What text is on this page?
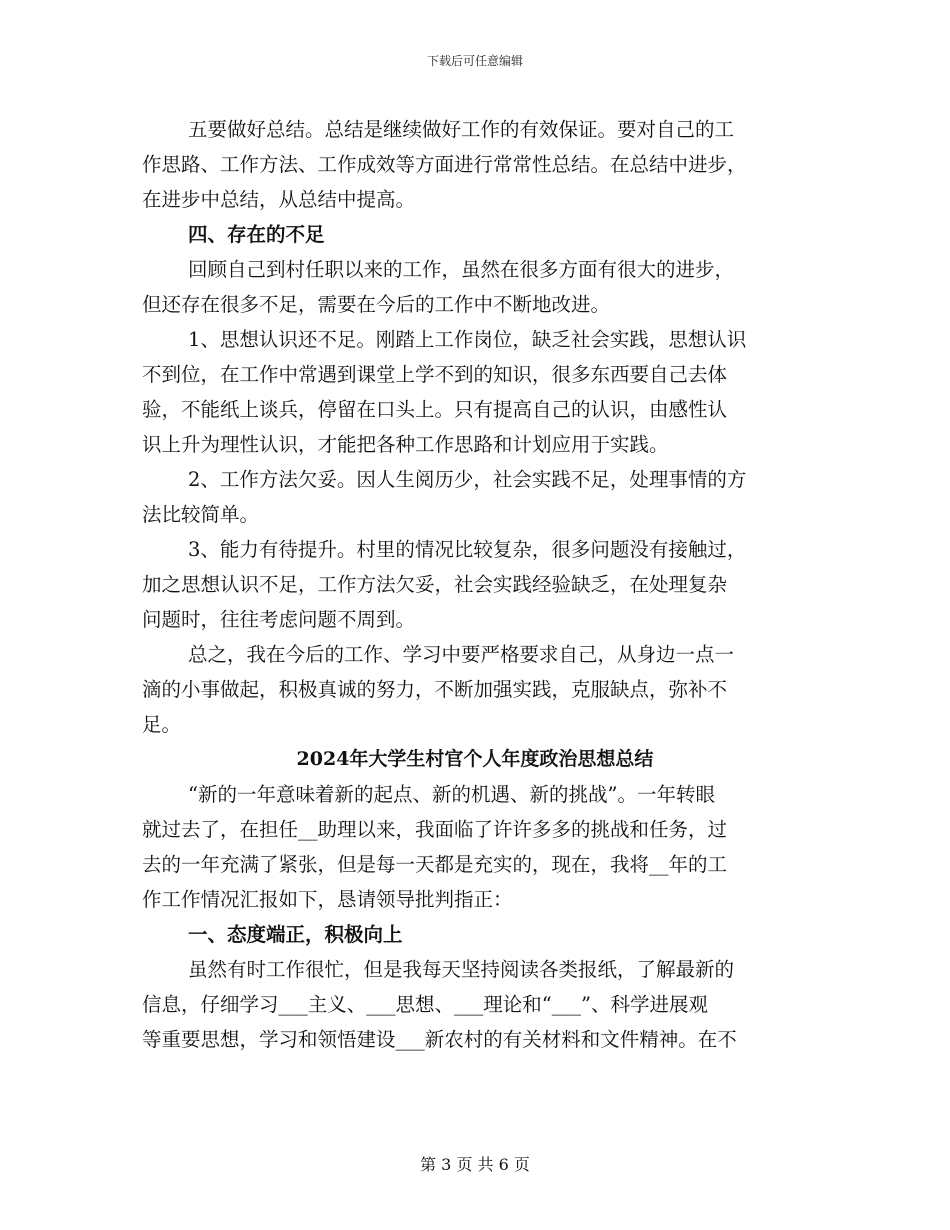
下载后可任意编辑
五要做好总结。总结是继续做好工作的有效保证。要对自己的工
作思路、工作方法、工作成效等方面进行常常性总结。在总结中进步，
在进步中总结，从总结中提高。
四、存在的不足
回顾自己到村任职以来的工作，虽然在很多方面有很大的进步，
但还存在很多不足，需要在今后的工作中不断地改进。
1、思想认识还不足。刚踏上工作岗位，缺乏社会实践，思想认识
不到位，在工作中常遇到课堂上学不到的知识，很多东西要自己去体
验，不能纸上谈兵，停留在口头上。只有提高自己的认识，由感性认
识上升为理性认识，才能把各种工作思路和计划应用于实践。
2、工作方法欠妥。因人生阅历少，社会实践不足，处理事情的方
法比较简单。
3、能力有待提升。村里的情况比较复杂，很多问题没有接触过，
加之思想认识不足，工作方法欠妥，社会实践经验缺乏，在处理复杂
问题时，往往考虑问题不周到。
总之，我在今后的工作、学习中要严格要求自己，从身边一点一
滴的小事做起，积极真诚的努力，不断加强实践，克服缺点，弥补不
足。
2024年大学生村官个人年度政治思想总结
“新的一年意味着新的起点、新的机遇、新的挑战”。一年转眼
就过去了，在担任__助理以来，我面临了许许多多的挑战和任务，过
去的一年充满了紧张，但是每一天都是充实的，现在，我将__年的工
作工作情况汇报如下，恳请领导批判指正：
一、态度端正，积极向上
虽然有时工作很忙，但是我每天坚持阅读各类报纸，了解最新的
信息，仔细学习___主义、___思想、___理论和“___”、科学进展观
等重要思想，学习和领悟建设___新农村的有关材料和文件精神。在不
第 3 页 共 6 页
